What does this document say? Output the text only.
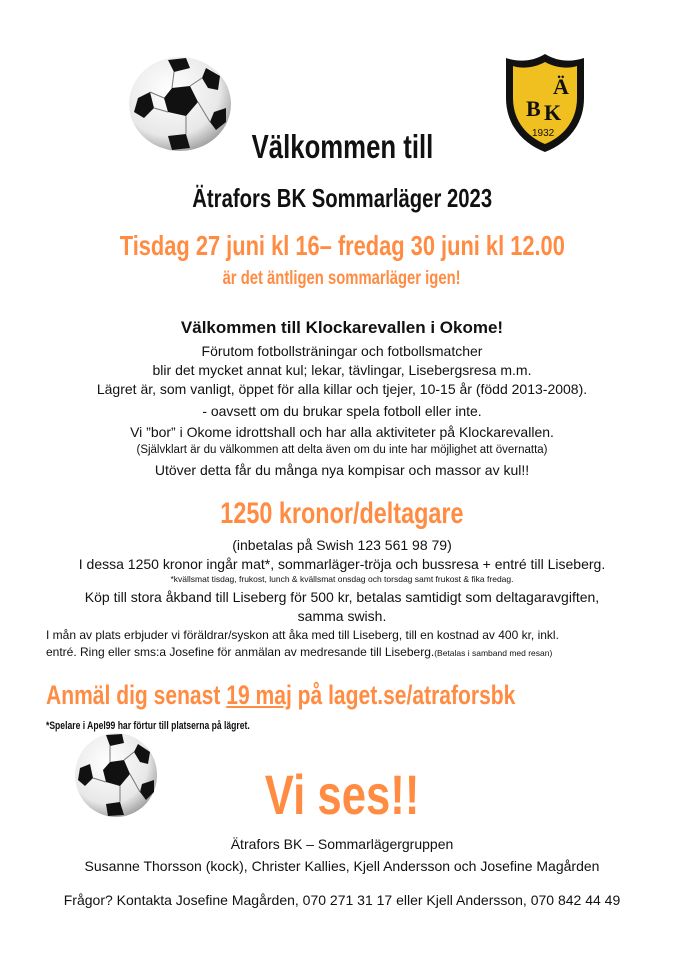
Ä
B K
1932
Välkommen till
Ätrafors BK Sommarläger 2023
Tisdag 27 juni kl 16– fredag 30 juni kl 12.00
är det äntligen sommarläger igen!
Välkommen till Klockarevallen i Okome!
Förutom fotbollsträningar och fotbollsmatcher
blir det mycket annat kul; lekar, tävlingar, Lisebergsresa m.m.
Lägret är, som vanligt, öppet för alla killar och tjejer, 10-15 år (född 2013-2008).
- oavsett om du brukar spela fotboll eller inte.
Vi ”bor” i Okome idrottshall och har alla aktiviteter på Klockarevallen.
(Självklart är du välkommen att delta även om du inte har möjlighet att övernatta)
Utöver detta får du många nya kompisar och massor av kul!!
1250 kronor/deltagare
(inbetalas på Swish 123 561 98 79)
I dessa 1250 kronor ingår mat*, sommarläger-tröja och bussresa + entré till Liseberg.
*kvällsmat tisdag, frukost, lunch & kvällsmat onsdag och torsdag samt frukost & fika fredag.
Köp till stora åkband till Liseberg för 500 kr, betalas samtidigt som deltagaravgiften,
samma swish.
I mån av plats erbjuder vi föräldrar/syskon att åka med till Liseberg, till en kostnad av 400 kr, inkl.
entré. Ring eller sms:a Josefine för anmälan av medresande till Liseberg.(Betalas i samband med resan)
Anmäl dig senast 19 maj på laget.se/atraforsbk
*Spelare i Apel99 har förtur till platserna på lägret.
Vi ses!!
Ätrafors BK – Sommarlägergruppen
Susanne Thorsson (kock), Christer Kallies, Kjell Andersson och Josefine Magården
Frågor? Kontakta Josefine Magården, 070 271 31 17 eller Kjell Andersson, 070 842 44 49
